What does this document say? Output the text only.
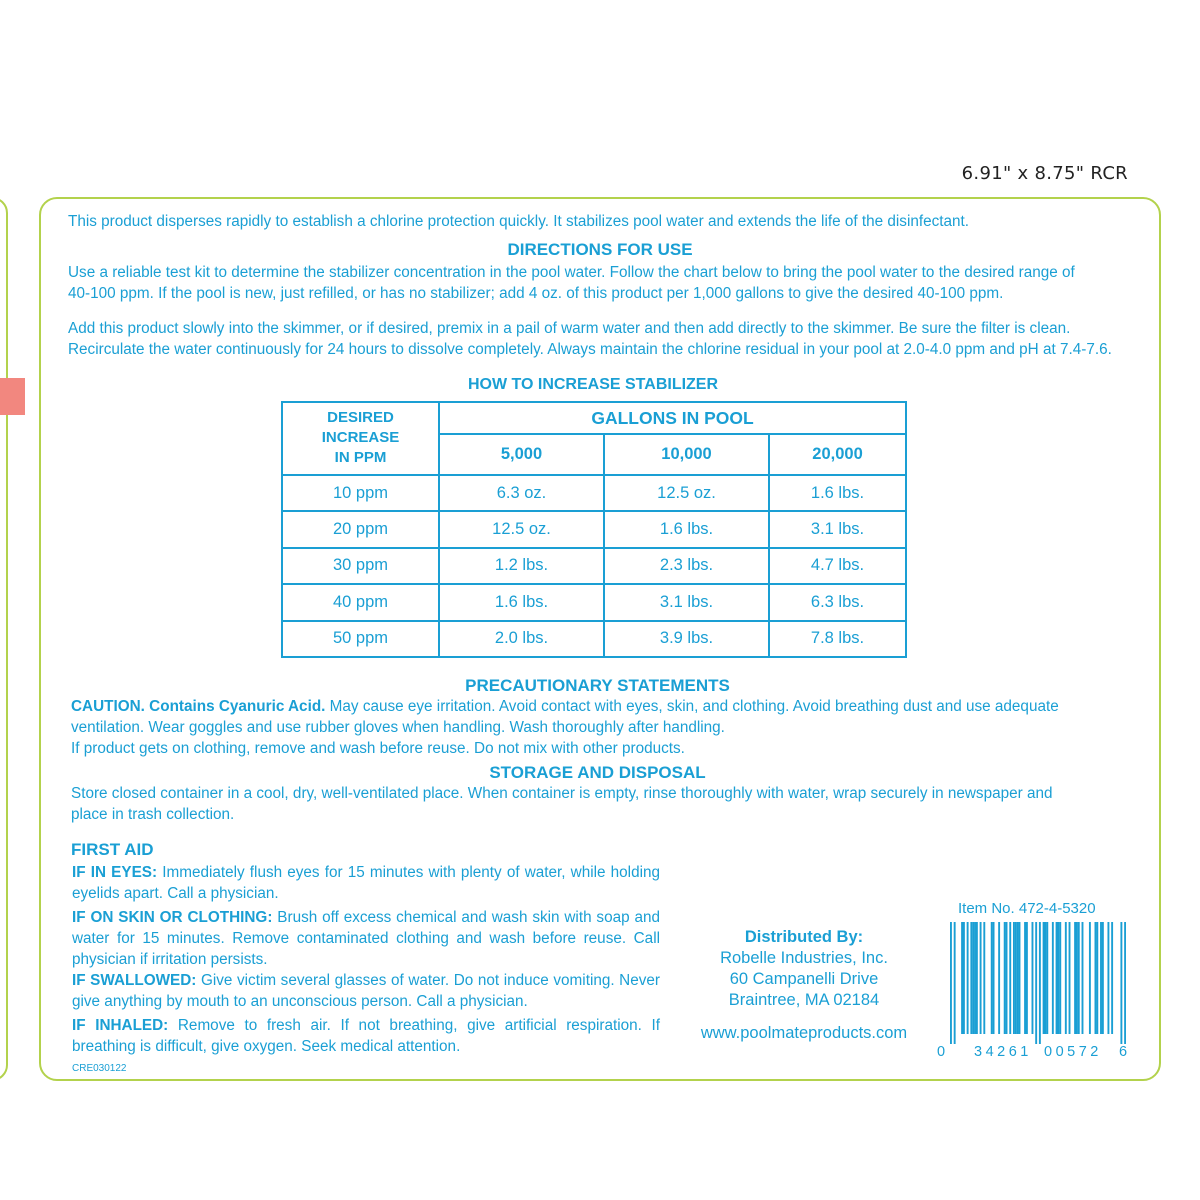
6.91" x 8.75" RCR
This product disperses rapidly to establish a chlorine protection quickly. It stabilizes pool water and extends the life of the disinfectant.
DIRECTIONS FOR USE
Use a reliable test kit to determine the stabilizer concentration in the pool water. Follow the chart below to bring the pool water to the desired range of
40-100 ppm. If the pool is new, just refilled, or has no stabilizer; add 4 oz. of this product per 1,000 gallons to give the desired 40-100 ppm.
Add this product slowly into the skimmer, or if desired, premix in a pail of warm water and then add directly to the skimmer. Be sure the filter is clean.
Recirculate the water continuously for 24 hours to dissolve completely. Always maintain the chlorine residual in your pool at 2.0-4.0 ppm and pH at 7.4-7.6.
HOW TO INCREASE STABILIZER
DESIRED
INCREASE
IN PPM	GALLONS IN POOL		
	5,000	10,000	20,000
10 ppm	6.3 oz.	12.5 oz.	1.6 lbs.
20 ppm	12.5 oz.	1.6 lbs.	3.1 lbs.
30 ppm	1.2 lbs.	2.3 lbs.	4.7 lbs.
40 ppm	1.6 lbs.	3.1 lbs.	6.3 lbs.
50 ppm	2.0 lbs.	3.9 lbs.	7.8 lbs.
PRECAUTIONARY STATEMENTS
CAUTION. Contains Cyanuric Acid. May cause eye irritation. Avoid contact with eyes, skin, and clothing. Avoid breathing dust and use adequate
ventilation. Wear goggles and use rubber gloves when handling. Wash thoroughly after handling.
If product gets on clothing, remove and wash before reuse. Do not mix with other products.
STORAGE AND DISPOSAL
Store closed container in a cool, dry, well-ventilated place. When container is empty, rinse thoroughly with water, wrap securely in newspaper and
place in trash collection.
FIRST AID
IF IN EYES: Immediately flush eyes for 15 minutes with plenty of water, while holding eyelids apart. Call a physician.
IF ON SKIN OR CLOTHING: Brush off excess chemical and wash skin with soap and water for 15 minutes. Remove contaminated clothing and wash before reuse. Call physician if irritation persists.
IF SWALLOWED: Give victim several glasses of water. Do not induce vomiting. Never give anything by mouth to an unconscious person. Call a physician.
IF INHALED: Remove to fresh air. If not breathing, give artificial respiration. If breathing is difficult, give oxygen. Seek medical attention.
CRE030122
Distributed By:
Robelle Industries, Inc.
60 Campanelli Drive
Braintree, MA 02184
www.poolmateproducts.com
Item No. 472-4-5320
0 34261 00572 6
